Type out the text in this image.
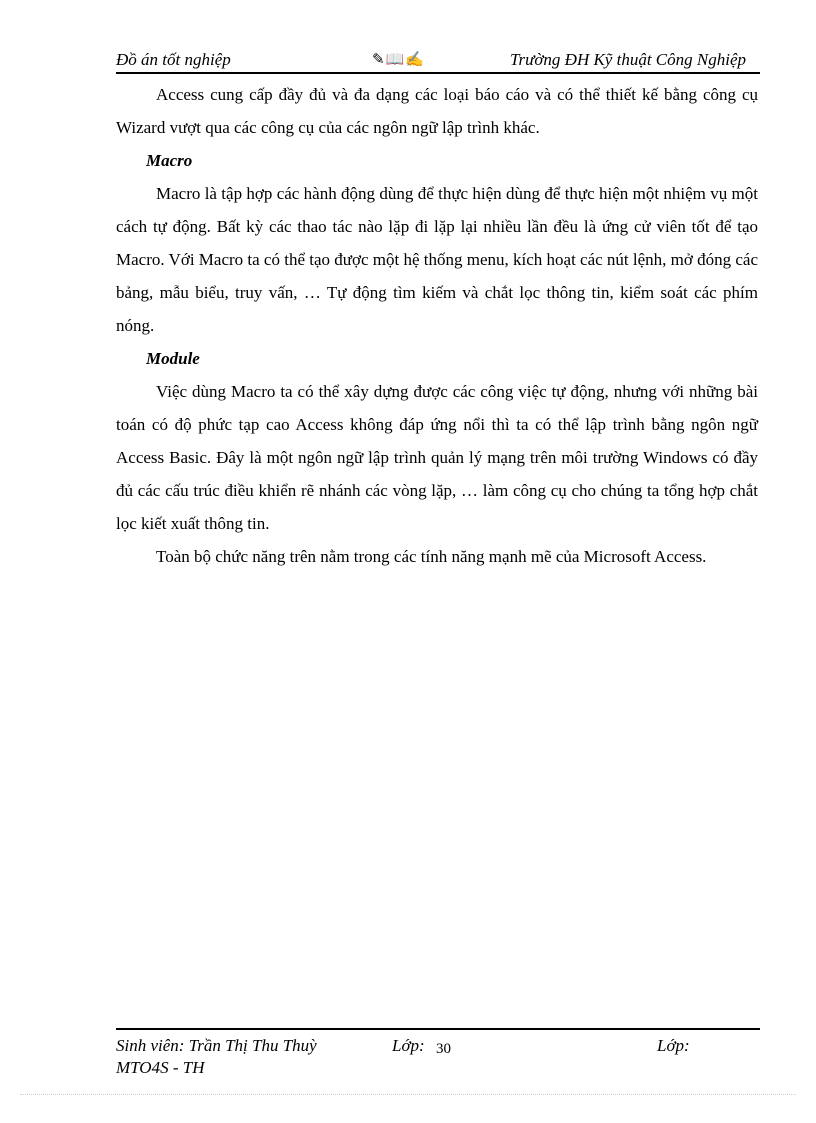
Đồ án tốt nghiệp	✎📖✍	Trường ĐH Kỹ thuật Công Nghiệp

Access cung cấp đầy đủ và đa dạng các loại báo cáo và có thể thiết kế bằng công cụ Wizard vượt qua các công cụ của các ngôn ngữ lập trình khác.

Macro

Macro là tập hợp các hành động dùng để thực hiện dùng để thực hiện một nhiệm vụ một cách tự động. Bất kỳ các thao tác nào lặp đi lặp lại nhiều lần đều là ứng cử viên tốt để tạo Macro. Với Macro ta có thể tạo được một hệ thống menu, kích hoạt các nút lệnh, mở đóng các bảng, mẫu biểu, truy vấn, … Tự động tìm kiếm và chắt lọc thông tin, kiểm soát các phím nóng.

Module

Việc dùng Macro ta có thể xây dựng được các công việc tự động, nhưng với những bài toán có độ phức tạp cao Access không đáp ứng nổi thì ta có thể lập trình bằng ngôn ngữ Access Basic. Đây là một ngôn ngữ lập trình quản lý mạng trên môi trường Windows có đầy đủ các cấu trúc điều khiển rẽ nhánh các vòng lặp, … làm công cụ cho chúng ta tổng hợp chắt lọc kiết xuất thông tin.

Toàn bộ chức năng trên nằm trong các tính năng mạnh mẽ của Microsoft Access.

Sinh viên: Trần Thị Thu Thuỳ	Lớp: 30	Lớp:
MTO4S - TH
